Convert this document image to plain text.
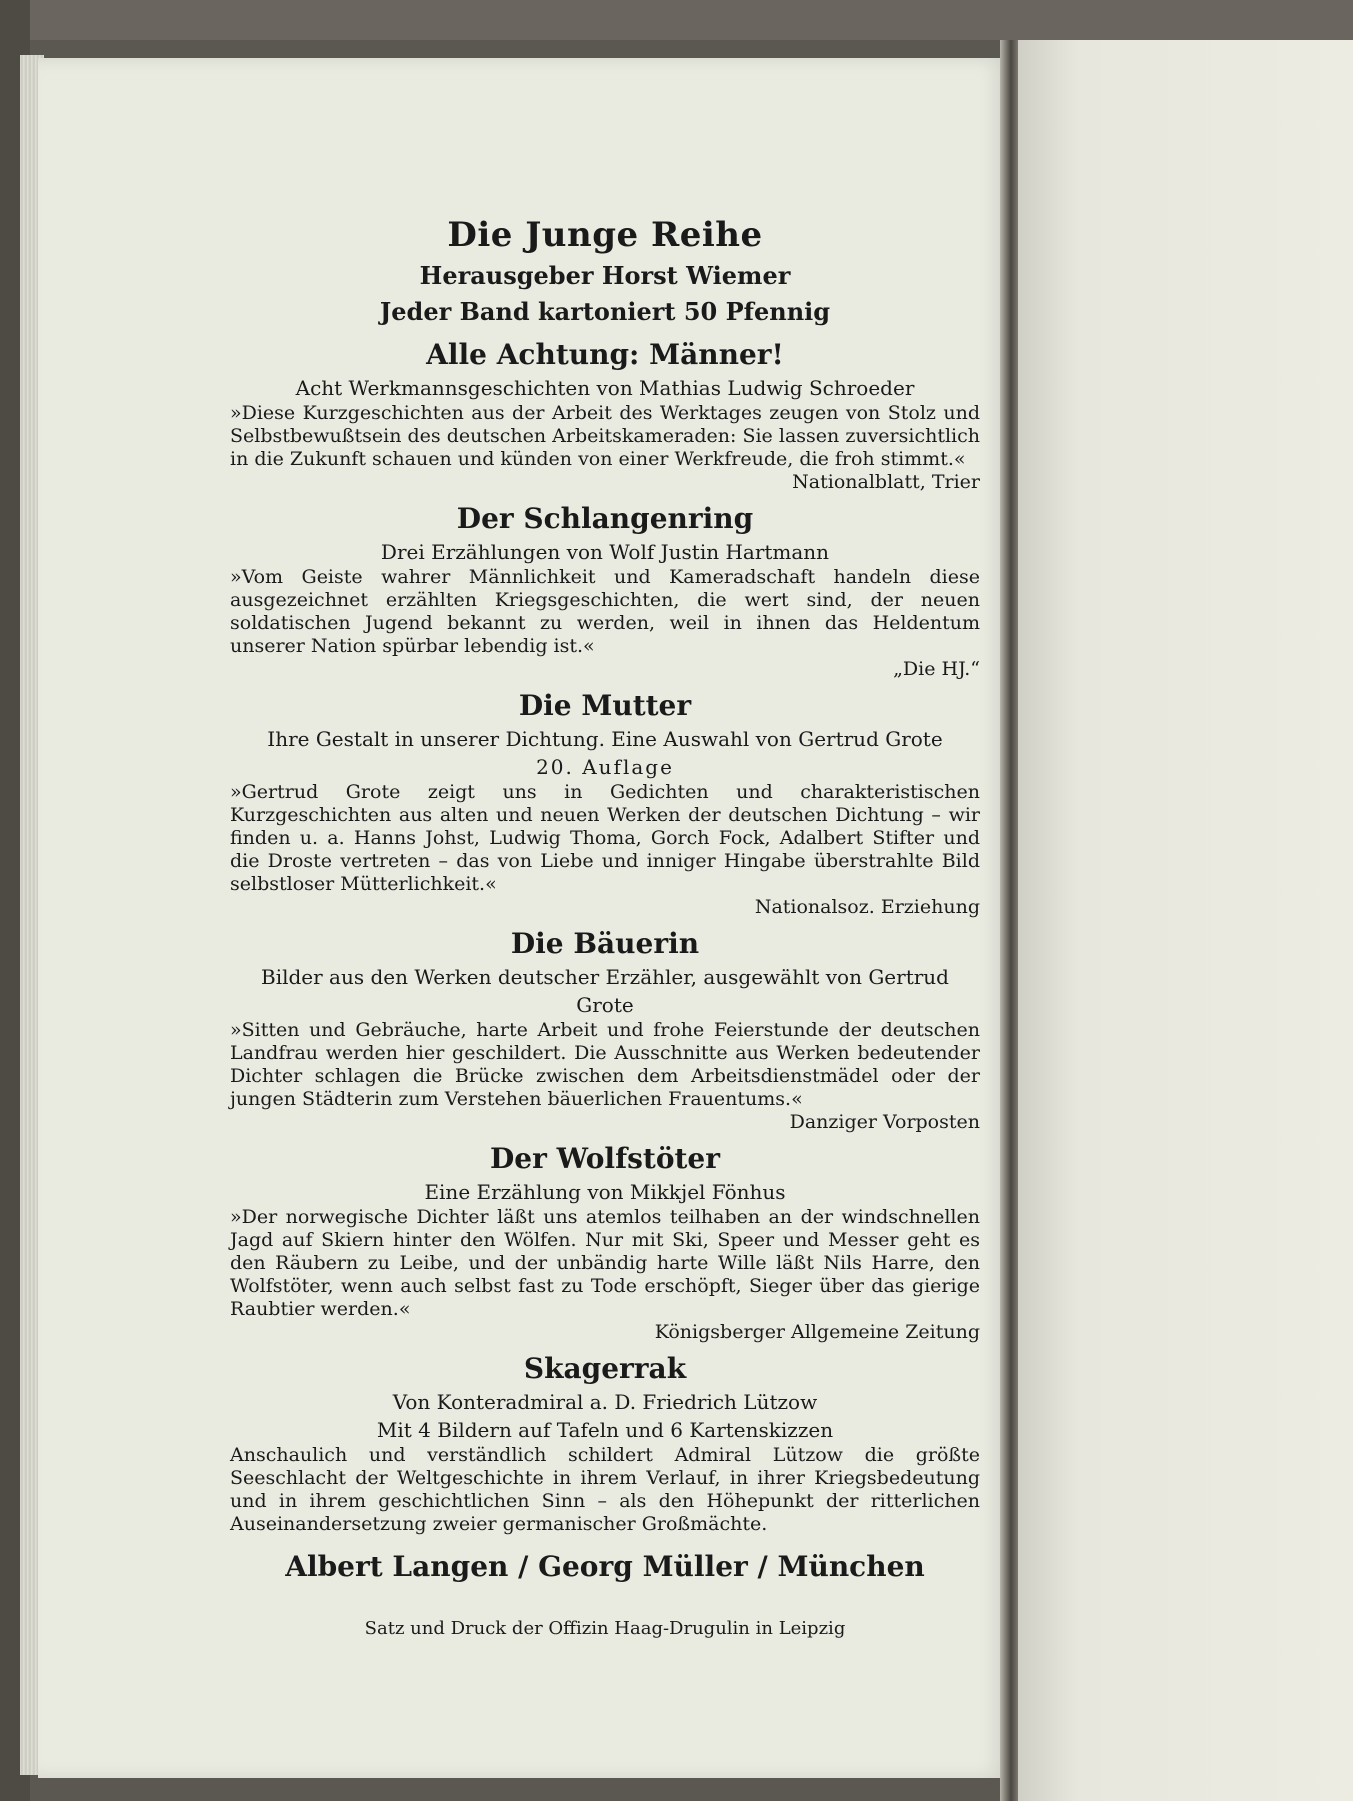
Die Junge Reihe
Herausgeber Horst Wiemer
Jeder Band kartoniert 50 Pfennig
Alle Achtung: Männer!
Acht Werkmannsgeschichten von Mathias Ludwig Schroeder
»Diese Kurzgeschichten aus der Arbeit des Werktages zeugen von Stolz und Selbstbewußtsein des deutschen Arbeitskameraden: Sie lassen zuversichtlich in die Zukunft schauen und künden von einer Werkfreude, die froh stimmt.«
Nationalblatt, Trier
Der Schlangenring
Drei Erzählungen von Wolf Justin Hartmann
»Vom Geiste wahrer Männlichkeit und Kameradschaft handeln diese ausgezeichnet erzählten Kriegsgeschichten, die wert sind, der neuen soldatischen Jugend bekannt zu werden, weil in ihnen das Heldentum unserer Nation spürbar lebendig ist.«
„Die HJ.“
Die Mutter
Ihre Gestalt in unserer Dichtung. Eine Auswahl von Gertrud Grote
20. Auflage
»Gertrud Grote zeigt uns in Gedichten und charakteristischen Kurzgeschichten aus alten und neuen Werken der deutschen Dichtung – wir finden u. a. Hanns Johst, Ludwig Thoma, Gorch Fock, Adalbert Stifter und die Droste vertreten – das von Liebe und inniger Hingabe überstrahlte Bild selbstloser Mütterlichkeit.«
Nationalsoz. Erziehung
Die Bäuerin
Bilder aus den Werken deutscher Erzähler, ausgewählt von Gertrud Grote
»Sitten und Gebräuche, harte Arbeit und frohe Feierstunde der deutschen Landfrau werden hier geschildert. Die Ausschnitte aus Werken bedeutender Dichter schlagen die Brücke zwischen dem Arbeitsdienstmädel oder der jungen Städterin zum Verstehen bäuerlichen Frauentums.«
Danziger Vorposten
Der Wolfstöter
Eine Erzählung von Mikkjel Fönhus
»Der norwegische Dichter läßt uns atemlos teilhaben an der windschnellen Jagd auf Skiern hinter den Wölfen. Nur mit Ski, Speer und Messer geht es den Räubern zu Leibe, und der unbändig harte Wille läßt Nils Harre, den Wolfstöter, wenn auch selbst fast zu Tode erschöpft, Sieger über das gierige Raubtier werden.«
Königsberger Allgemeine Zeitung
Skagerrak
Von Konteradmiral a. D. Friedrich Lützow
Mit 4 Bildern auf Tafeln und 6 Kartenskizzen
Anschaulich und verständlich schildert Admiral Lützow die größte Seeschlacht der Weltgeschichte in ihrem Verlauf, in ihrer Kriegsbedeutung und in ihrem geschichtlichen Sinn – als den Höhepunkt der ritterlichen Auseinandersetzung zweier germanischer Großmächte.
Albert Langen / Georg Müller / München
Satz und Druck der Offizin Haag-Drugulin in Leipzig
